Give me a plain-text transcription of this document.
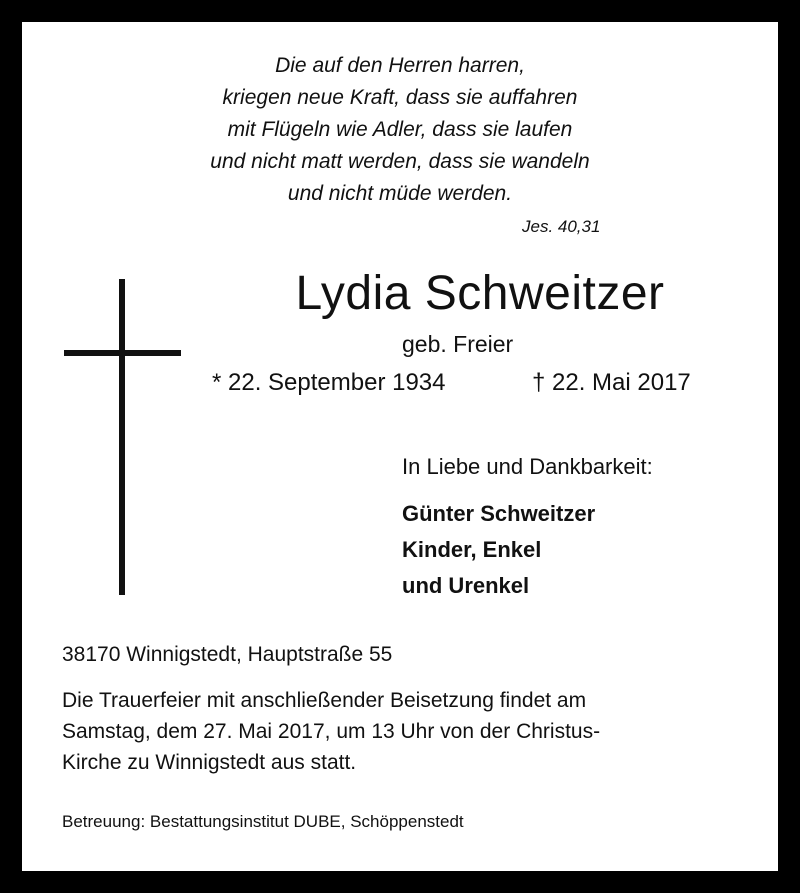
Die auf den Herren harren,
kriegen neue Kraft, dass sie auffahren
mit Flügeln wie Adler, dass sie laufen
und nicht matt werden, dass sie wandeln
und nicht müde werden.
Jes. 40,31
Lydia Schweitzer
geb. Freier
* 22. September 1934	† 22. Mai 2017
In Liebe und Dankbarkeit:
Günter Schweitzer
Kinder, Enkel
und Urenkel
38170 Winnigstedt, Hauptstraße 55
Die Trauerfeier mit anschließender Beisetzung findet am
Samstag, dem 27. Mai 2017, um 13 Uhr von der Christus-
Kirche zu Winnigstedt aus statt.
Betreuung: Bestattungsinstitut DUBE, Schöppenstedt
